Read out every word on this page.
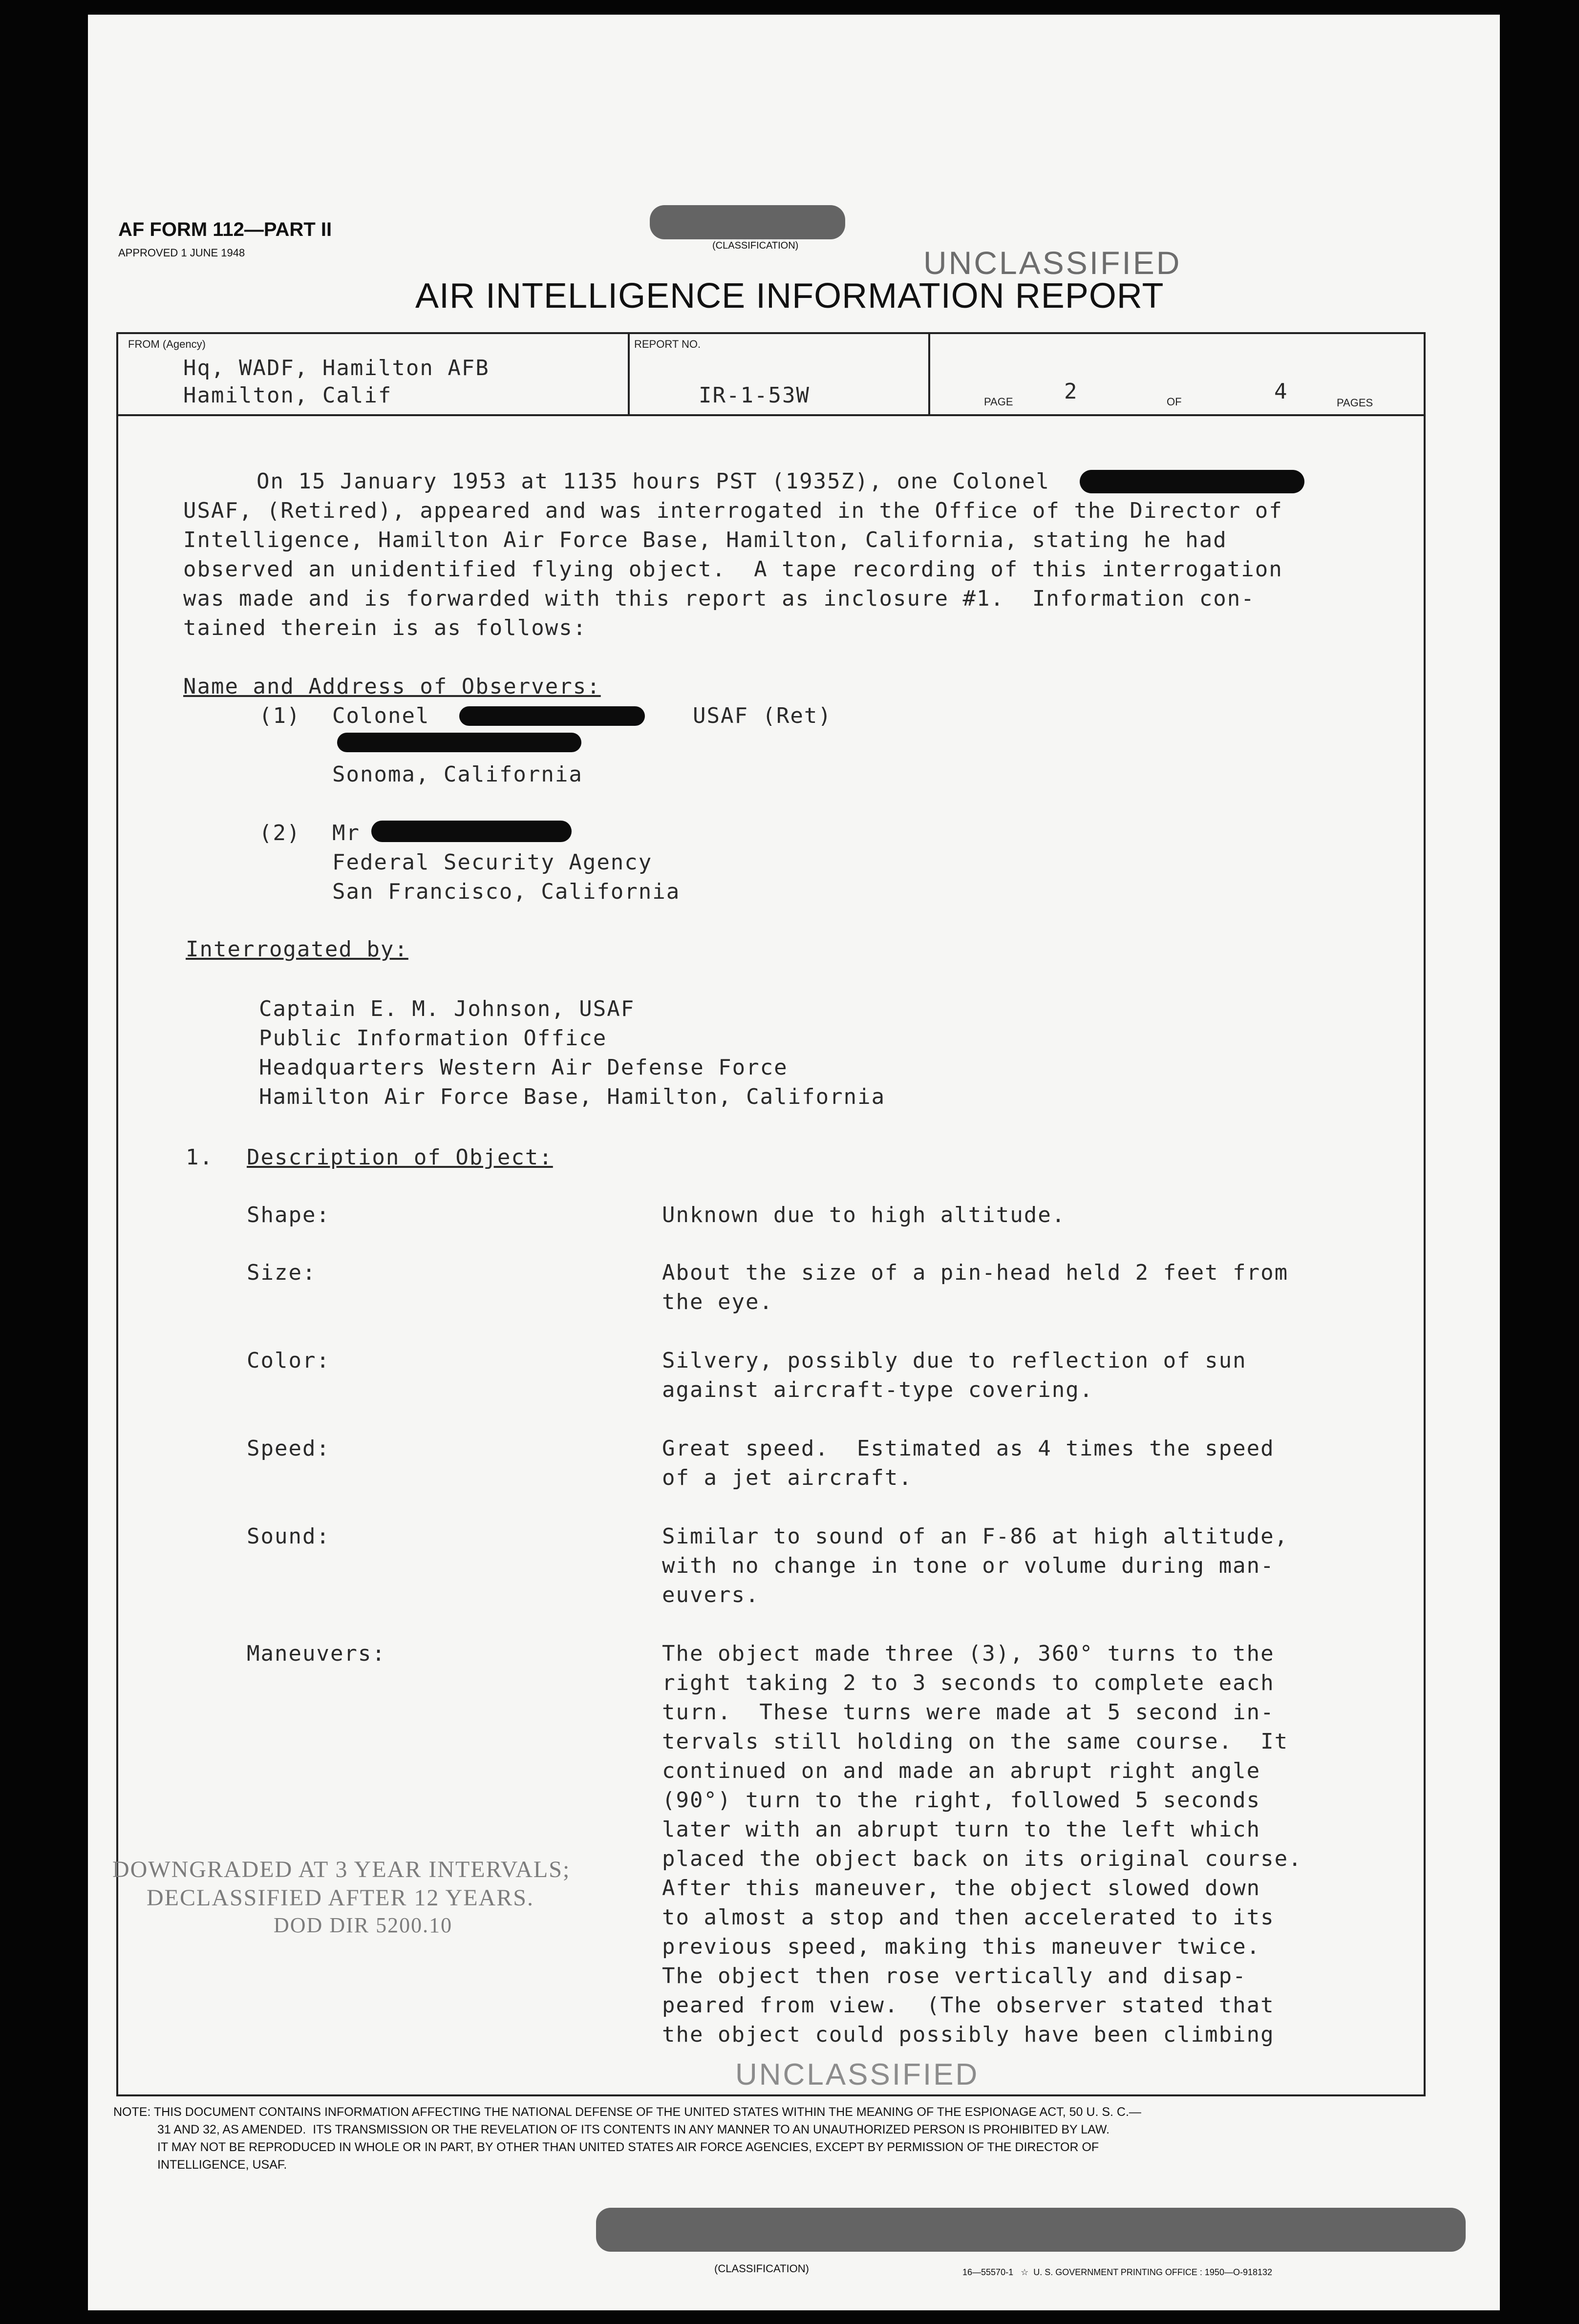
AF FORM 112—PART II
APPROVED 1 JUNE 1948
(CLASSIFICATION)	UNCLASSIFIED
AIR INTELLIGENCE INFORMATION REPORT
FROM (Agency)
Hq, WADF, Hamilton AFB
Hamilton, Calif
REPORT NO.
IR-1-53W	PAGE 2	OF	4	PAGES
On 15 January 1953 at 1135 hours PST (1935Z), one Colonel
USAF, (Retired), appeared and was interrogated in the Office of the Director of
Intelligence, Hamilton Air Force Base, Hamilton, California, stating he had
observed an unidentified flying object.  A tape recording of this interrogation
was made and is forwarded with this report as inclosure #1.  Information con-
tained therein is as follows:
Name and Address of Observers:
(1) Colonel	USAF (Ret)
Sonoma, California
(2) Mr
Federal Security Agency
San Francisco, California
Interrogated by:
Captain E. M. Johnson, USAF
Public Information Office
Headquarters Western Air Defense Force
Hamilton Air Force Base, Hamilton, California
1. Description of Object:
Shape:	Unknown due to high altitude.
Size:	About the size of a pin-head held 2 feet from
the eye.
Color:	Silvery, possibly due to reflection of sun
against aircraft-type covering.
Speed:	Great speed.  Estimated as 4 times the speed
of a jet aircraft.
Sound:	Similar to sound of an F-86 at high altitude,
with no change in tone or volume during man-
euvers.
Maneuvers:	The object made three (3), 360° turns to the
right taking 2 to 3 seconds to complete each
turn.  These turns were made at 5 second in-
tervals still holding on the same course.  It
continued on and made an abrupt right angle
(90°) turn to the right, followed 5 seconds
later with an abrupt turn to the left which
placed the object back on its original course.
After this maneuver, the object slowed down
to almost a stop and then accelerated to its
previous speed, making this maneuver twice.
The object then rose vertically and disap-
peared from view.  (The observer stated that
the object could possibly have been climbing
DOWNGRADED AT 3 YEAR INTERVALS;
DECLASSIFIED AFTER 12 YEARS.
DOD DIR 5200.10
UNCLASSIFIED
NOTE: THIS DOCUMENT CONTAINS INFORMATION AFFECTING THE NATIONAL DEFENSE OF THE UNITED STATES WITHIN THE MEANING OF THE ESPIONAGE ACT, 50 U. S. C.—
31 AND 32, AS AMENDED.  ITS TRANSMISSION OR THE REVELATION OF ITS CONTENTS IN ANY MANNER TO AN UNAUTHORIZED PERSON IS PROHIBITED BY LAW.
IT MAY NOT BE REPRODUCED IN WHOLE OR IN PART, BY OTHER THAN UNITED STATES AIR FORCE AGENCIES, EXCEPT BY PERMISSION OF THE DIRECTOR OF
INTELLIGENCE, USAF.
(CLASSIFICATION)	16—55570-1   ☆  U. S. GOVERNMENT PRINTING OFFICE : 1950—O-918132
